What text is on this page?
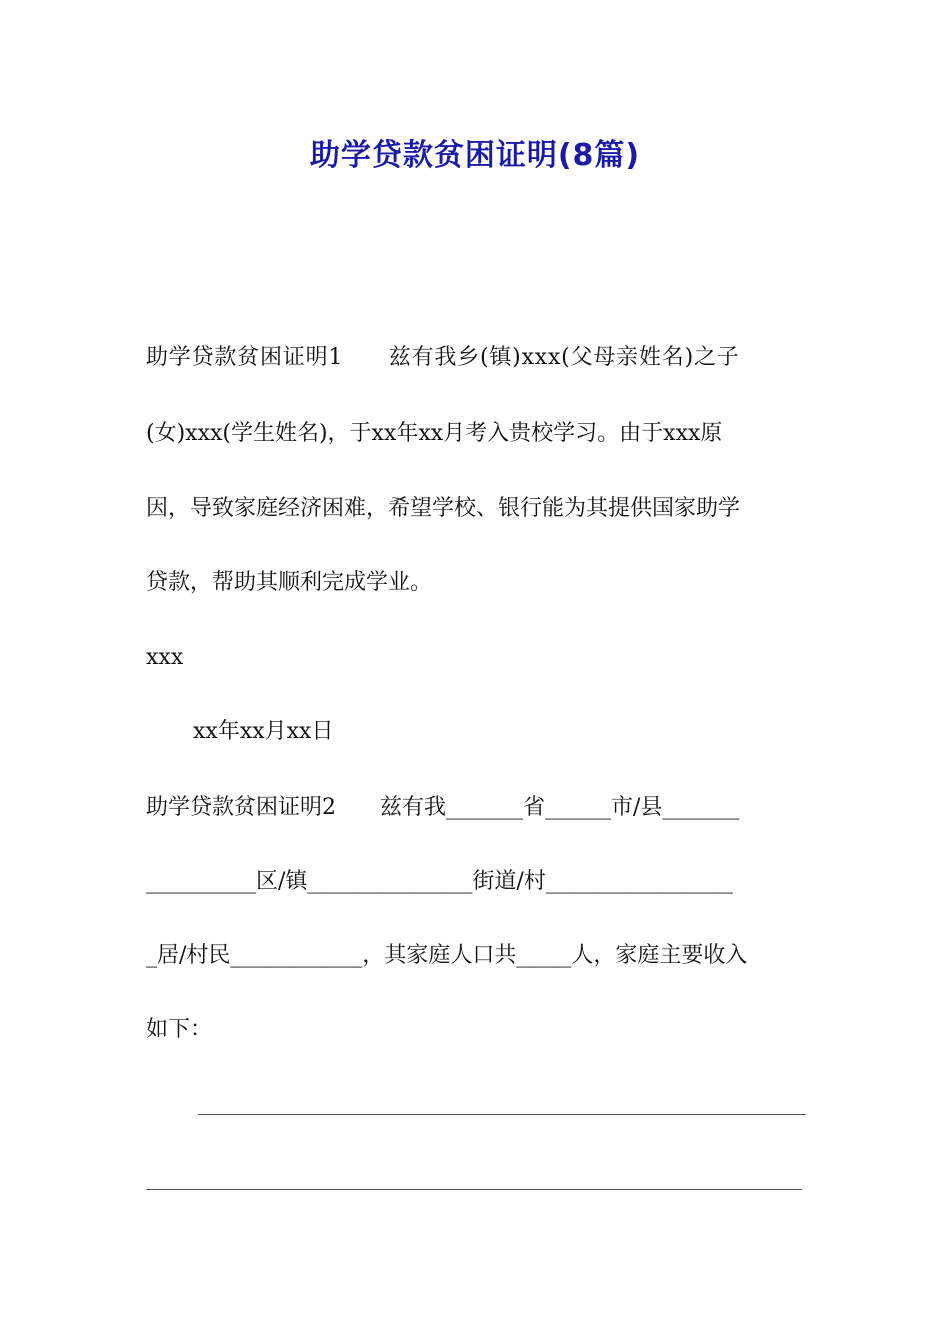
助学贷款贫困证明(8篇)
助学贷款贫困证明1　　兹有我乡(镇)xxx(父母亲姓名)之子
(女)xxx(学生姓名)，于xx年xx月考入贵校学习。由于xxx原
因，导致家庭经济困难，希望学校、银行能为其提供国家助学
贷款，帮助其顺利完成学业。
xxx
xx年xx月xx日
助学贷款贫困证明2　　兹有我_______省______市/县_______
__________区/镇_______________街道/村_________________
_居/村民____________，其家庭人口共_____人，家庭主要收入
如下：
